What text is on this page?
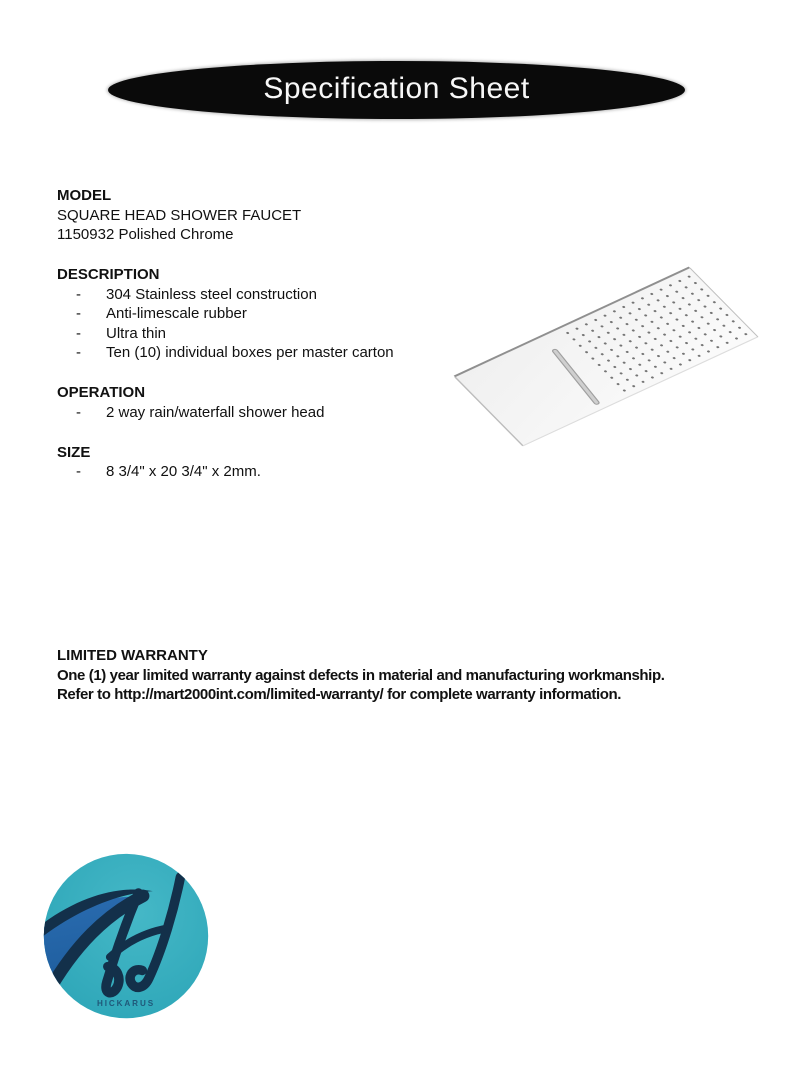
Specification Sheet
MODEL
SQUARE HEAD SHOWER FAUCET
1150932 Polished Chrome
DESCRIPTION
-	304 Stainless steel construction
-	Anti-limescale rubber
-	Ultra thin
-	Ten (10) individual boxes per master carton
OPERATION
-	2 way rain/waterfall shower head
SIZE
-	8 3/4" x 20 3/4" x 2mm.
LIMITED WARRANTY
One (1) year limited warranty against defects in material and manufacturing workmanship.
Refer to http://mart2000int.com/limited-warranty/ for complete warranty information.
HICKARUS
